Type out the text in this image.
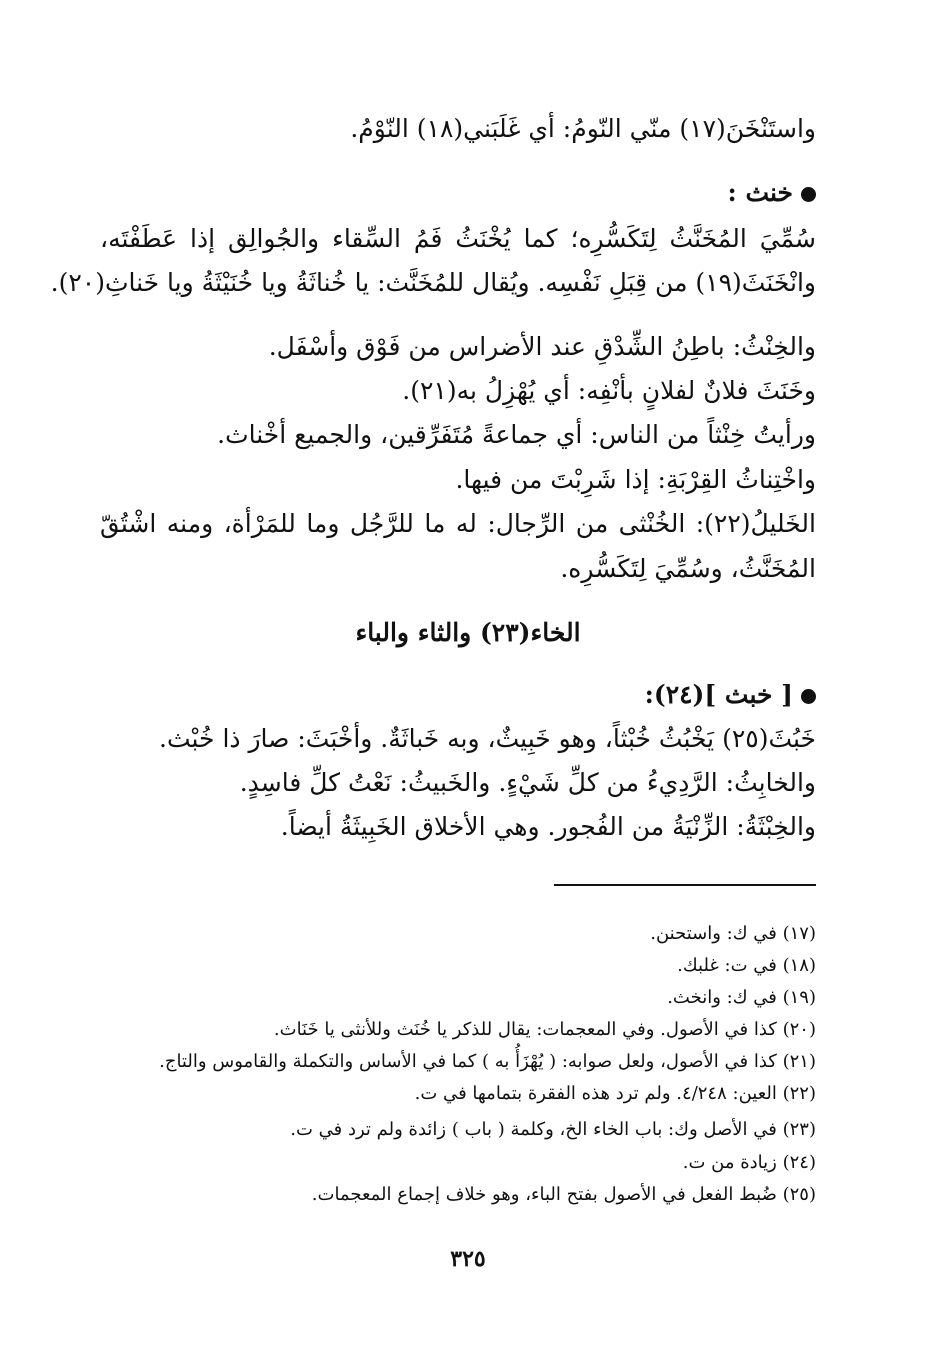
واستَنْخَنَ(١٧) منّي النّومُ: أي غَلَبَني(١٨) النّوْمُ.
خنث :
سُمِّيَ المُخَنَّثُ لِتَكَسُّرِه؛ كما يُخْنَثُ فَمُ السِّقاء والجُوالِق إذا عَطَفْتَه،
وانْخَنَثَ(١٩) من قِبَلِ نَفْسِه. ويُقال للمُخَنَّث: يا خُناثَةُ ويا خُنَيْثَةُ ويا خَناثِ(٢٠).
والخِنْثُ: باطِنُ الشِّدْقِ عند الأضراس من فَوْق وأسْفَل.
وخَنَثَ فلانٌ لفلانٍ بأنْفِه: أي يُهْزِلُ به(٢١).
ورأيتُ خِنْثاً من الناس: أي جماعةً مُتَفَرِّقين، والجميع أخْناث.
واخْتِناثُ القِرْبَةِ: إذا شَرِبْتَ من فيها.
الخَليلُ(٢٢): الخُنْثى من الرِّجال: له ما للرَّجُل وما للمَرْأة، ومنه اشْتُقّ
المُخَنَّثُ، وسُمِّيَ لِتَكَسُّرِه.
الخاء(٢٣) والثاء والباء
[ خبث ](٢٤):
خَبُثَ(٢٥) يَخْبُثُ خُبْثاً، وهو خَبِيثٌ، وبه خَباثَةٌ. وأخْبَثَ: صارَ ذا خُبْث.
والخابِثُ: الرَّدِيءُ من كلِّ شَيْءٍ. والخَبيثُ: نَعْتُ كلِّ فاسِدٍ.
والخِبْثَةُ: الزِّنْيَةُ من الفُجور. وهي الأخلاق الخَبِيثَةُ أيضاً.
(١٧) في ك: واستحنن.
(١٨) في ت: غلبك.
(١٩) في ك: وانخث.
(٢٠) كذا في الأصول. وفي المعجمات: يقال للذكر يا خُنَث وللأنثى يا خَنَاث.
(٢١) كذا في الأصول، ولعل صوابه: ( يُهْزَأُ به ) كما في الأساس والتكملة والقاموس والتاج.
(٢٢) العين: ٤/٢٤٨. ولم ترد هذه الفقرة بتمامها في ت.
(٢٣) في الأصل وك: باب الخاء الخ، وكلمة ( باب ) زائدة ولم ترد في ت.
(٢٤) زيادة من ت.
(٢٥) ضُبط الفعل في الأصول بفتح الباء، وهو خلاف إجماع المعجمات.
٣٢٥
